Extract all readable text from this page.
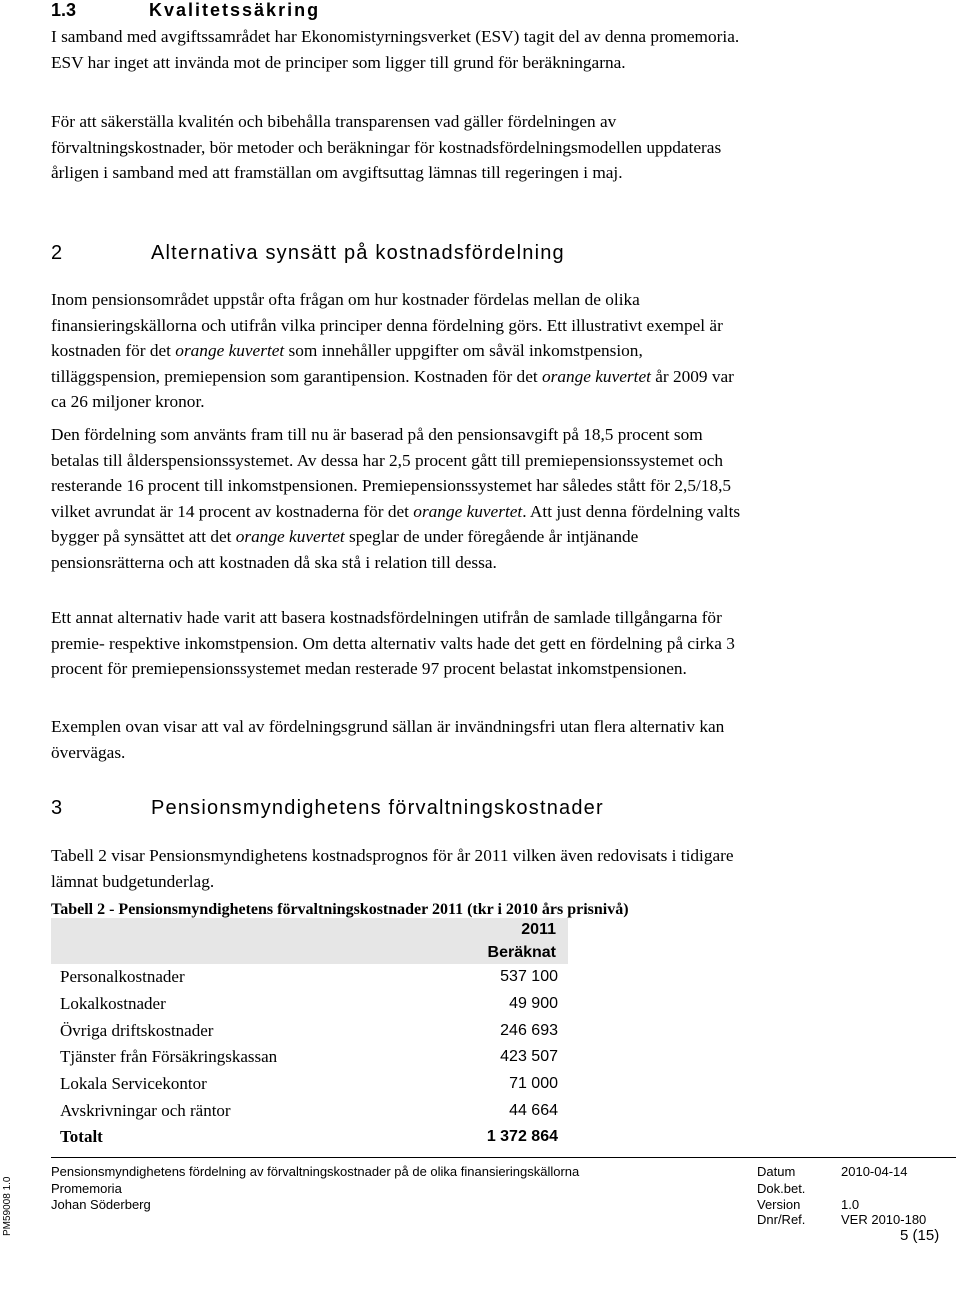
1.3	Kvalitetssäkring

I samband med avgiftssamrådet har Ekonomistyrningsverket (ESV) tagit del av denna promemoria. ESV har inget att invända mot de principer som ligger till grund för beräkningarna.

För att säkerställa kvalitén och bibehålla transparensen vad gäller fördelningen av förvaltningskostnader, bör metoder och beräkningar för kostnadsfördelningsmodellen uppdateras årligen i samband med att framställan om avgiftsuttag lämnas till regeringen i maj.

2	Alternativa synsätt på kostnadsfördelning

Inom pensionsområdet uppstår ofta frågan om hur kostnader fördelas mellan de olika finansieringskällorna och utifrån vilka principer denna fördelning görs. Ett illustrativt exempel är kostnaden för det orange kuvertet som innehåller uppgifter om såväl inkomstpension, tilläggspension, premiepension som garantipension. Kostnaden för det orange kuvertet år 2009 var ca 26 miljoner kronor.

Den fördelning som använts fram till nu är baserad på den pensionsavgift på 18,5 procent som betalas till ålderspensionssystemet. Av dessa har 2,5 procent gått till premiepensionssystemet och resterande 16 procent till inkomstpensionen. Premiepensionssystemet har således stått för 2,5/18,5 vilket avrundat är 14 procent av kostnaderna för det orange kuvertet. Att just denna fördelning valts bygger på synsättet att det orange kuvertet speglar de under föregående år intjänande pensionsrätterna och att kostnaden då ska stå i relation till dessa.

Ett annat alternativ hade varit att basera kostnadsfördelningen utifrån de samlade tillgångarna för premie- respektive inkomstpension. Om detta alternativ valts hade det gett en fördelning på cirka 3 procent för premiepensionssystemet medan resterade 97 procent belastat inkomstpensionen.

Exemplen ovan visar att val av fördelningsgrund sällan är invändningsfri utan flera alternativ kan övervägas.

3	Pensionsmyndighetens förvaltningskostnader

Tabell 2 visar Pensionsmyndighetens kostnadsprognos för år 2011 vilken även redovisats i tidigare lämnat budgetunderlag.

Tabell 2 - Pensionsmyndighetens förvaltningskostnader 2011 (tkr i 2010 års prisnivå)

	2011
	Beräknat
Personalkostnader	537 100
Lokalkostnader	49 900
Övriga driftskostnader	246 693
Tjänster från Försäkringskassan	423 507
Lokala Servicekontor	71 000
Avskrivningar och räntor	44 664
Totalt	1 372 864
PM59008 1.0

Pensionsmyndighetens fördelning av förvaltningskostnader på de olika finansieringskällorna

Promemoria

Johan Söderberg

Datum	2010-04-14

Dok.bet.

Version	1.0

Dnr/Ref.	VER 2010-180

5 (15)
